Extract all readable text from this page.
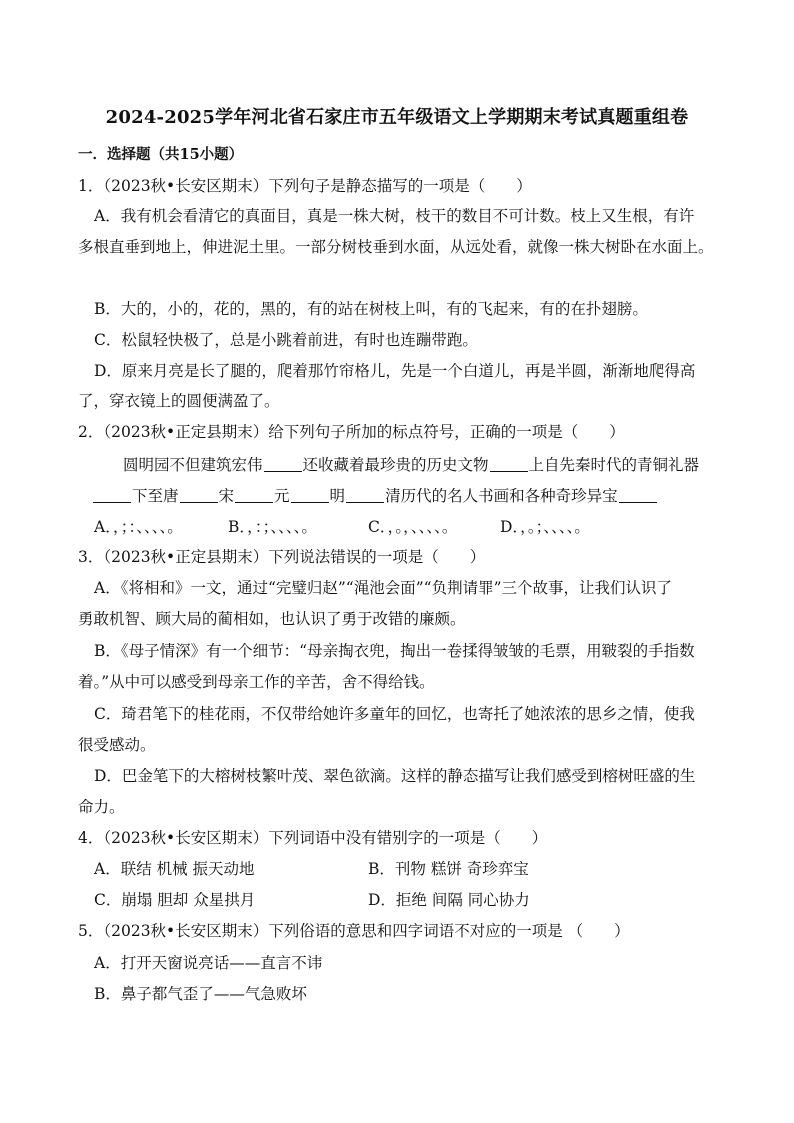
2024-2025学年河北省石家庄市五年级语文上学期期末考试真题重组卷
一．选择题（共15小题）
1．（2023秋•长安区期末）下列句子是静态描写的一项是（　　）
A．我有机会看清它的真面目，真是一株大树，枝干的数目不可计数。枝上又生根，有许
多根直垂到地上，伸进泥土里。一部分树枝垂到水面，从远处看，就像一株大树卧在水面上。
B．大的，小的，花的，黑的，有的站在树枝上叫，有的飞起来，有的在扑翅膀。
C．松鼠轻快极了，总是小跳着前进，有时也连蹦带跑。
D．原来月亮是长了腿的，爬着那竹帘格儿，先是一个白道儿，再是半圆，渐渐地爬得高
了，穿衣镜上的圆便满盈了。
2．（2023秋•正定县期末）给下列句子所加的标点符号，正确的一项是（　　）
圆明园不但建筑宏伟	还收藏着最珍贵的历史文物	上自先秦时代的青铜礼器
下至唐	宋	元	明	清历代的名人书画和各种奇珍异宝
A．，；：、、、、。	B．，：；、、、、。	C．，。，、、、、。	D．，。；、、、、。
3．（2023秋•正定县期末）下列说法错误的一项是（　　）
A．《将相和》一文，通过“完璧归赵”“渑池会面”“负荆请罪”三个故事，让我们认识了
勇敢机智、顾大局的蔺相如，也认识了勇于改错的廉颇。
B．《母子情深》有一个细节：“母亲掏衣兜，掏出一卷揉得皱皱的毛票，用皲裂的手指数
着。”从中可以感受到母亲工作的辛苦，舍不得给钱。
C．琦君笔下的桂花雨，不仅带给她许多童年的回忆，也寄托了她浓浓的思乡之情，使我
很受感动。
D．巴金笔下的大榕树枝繁叶茂、翠色欲滴。这样的静态描写让我们感受到榕树旺盛的生
命力。
4．（2023秋•长安区期末）下列词语中没有错别字的一项是（　　）
A．联结 机械 振天动地	B．刊物 糕饼 奇珍弈宝
C．崩塌 胆却 众星拱月	D．拒绝 间隔 同心协力
5．（2023秋•长安区期末）下列俗语的意思和四字词语不对应的一项是 （　　）
A．打开天窗说亮话——直言不讳
B．鼻子都气歪了——气急败坏
